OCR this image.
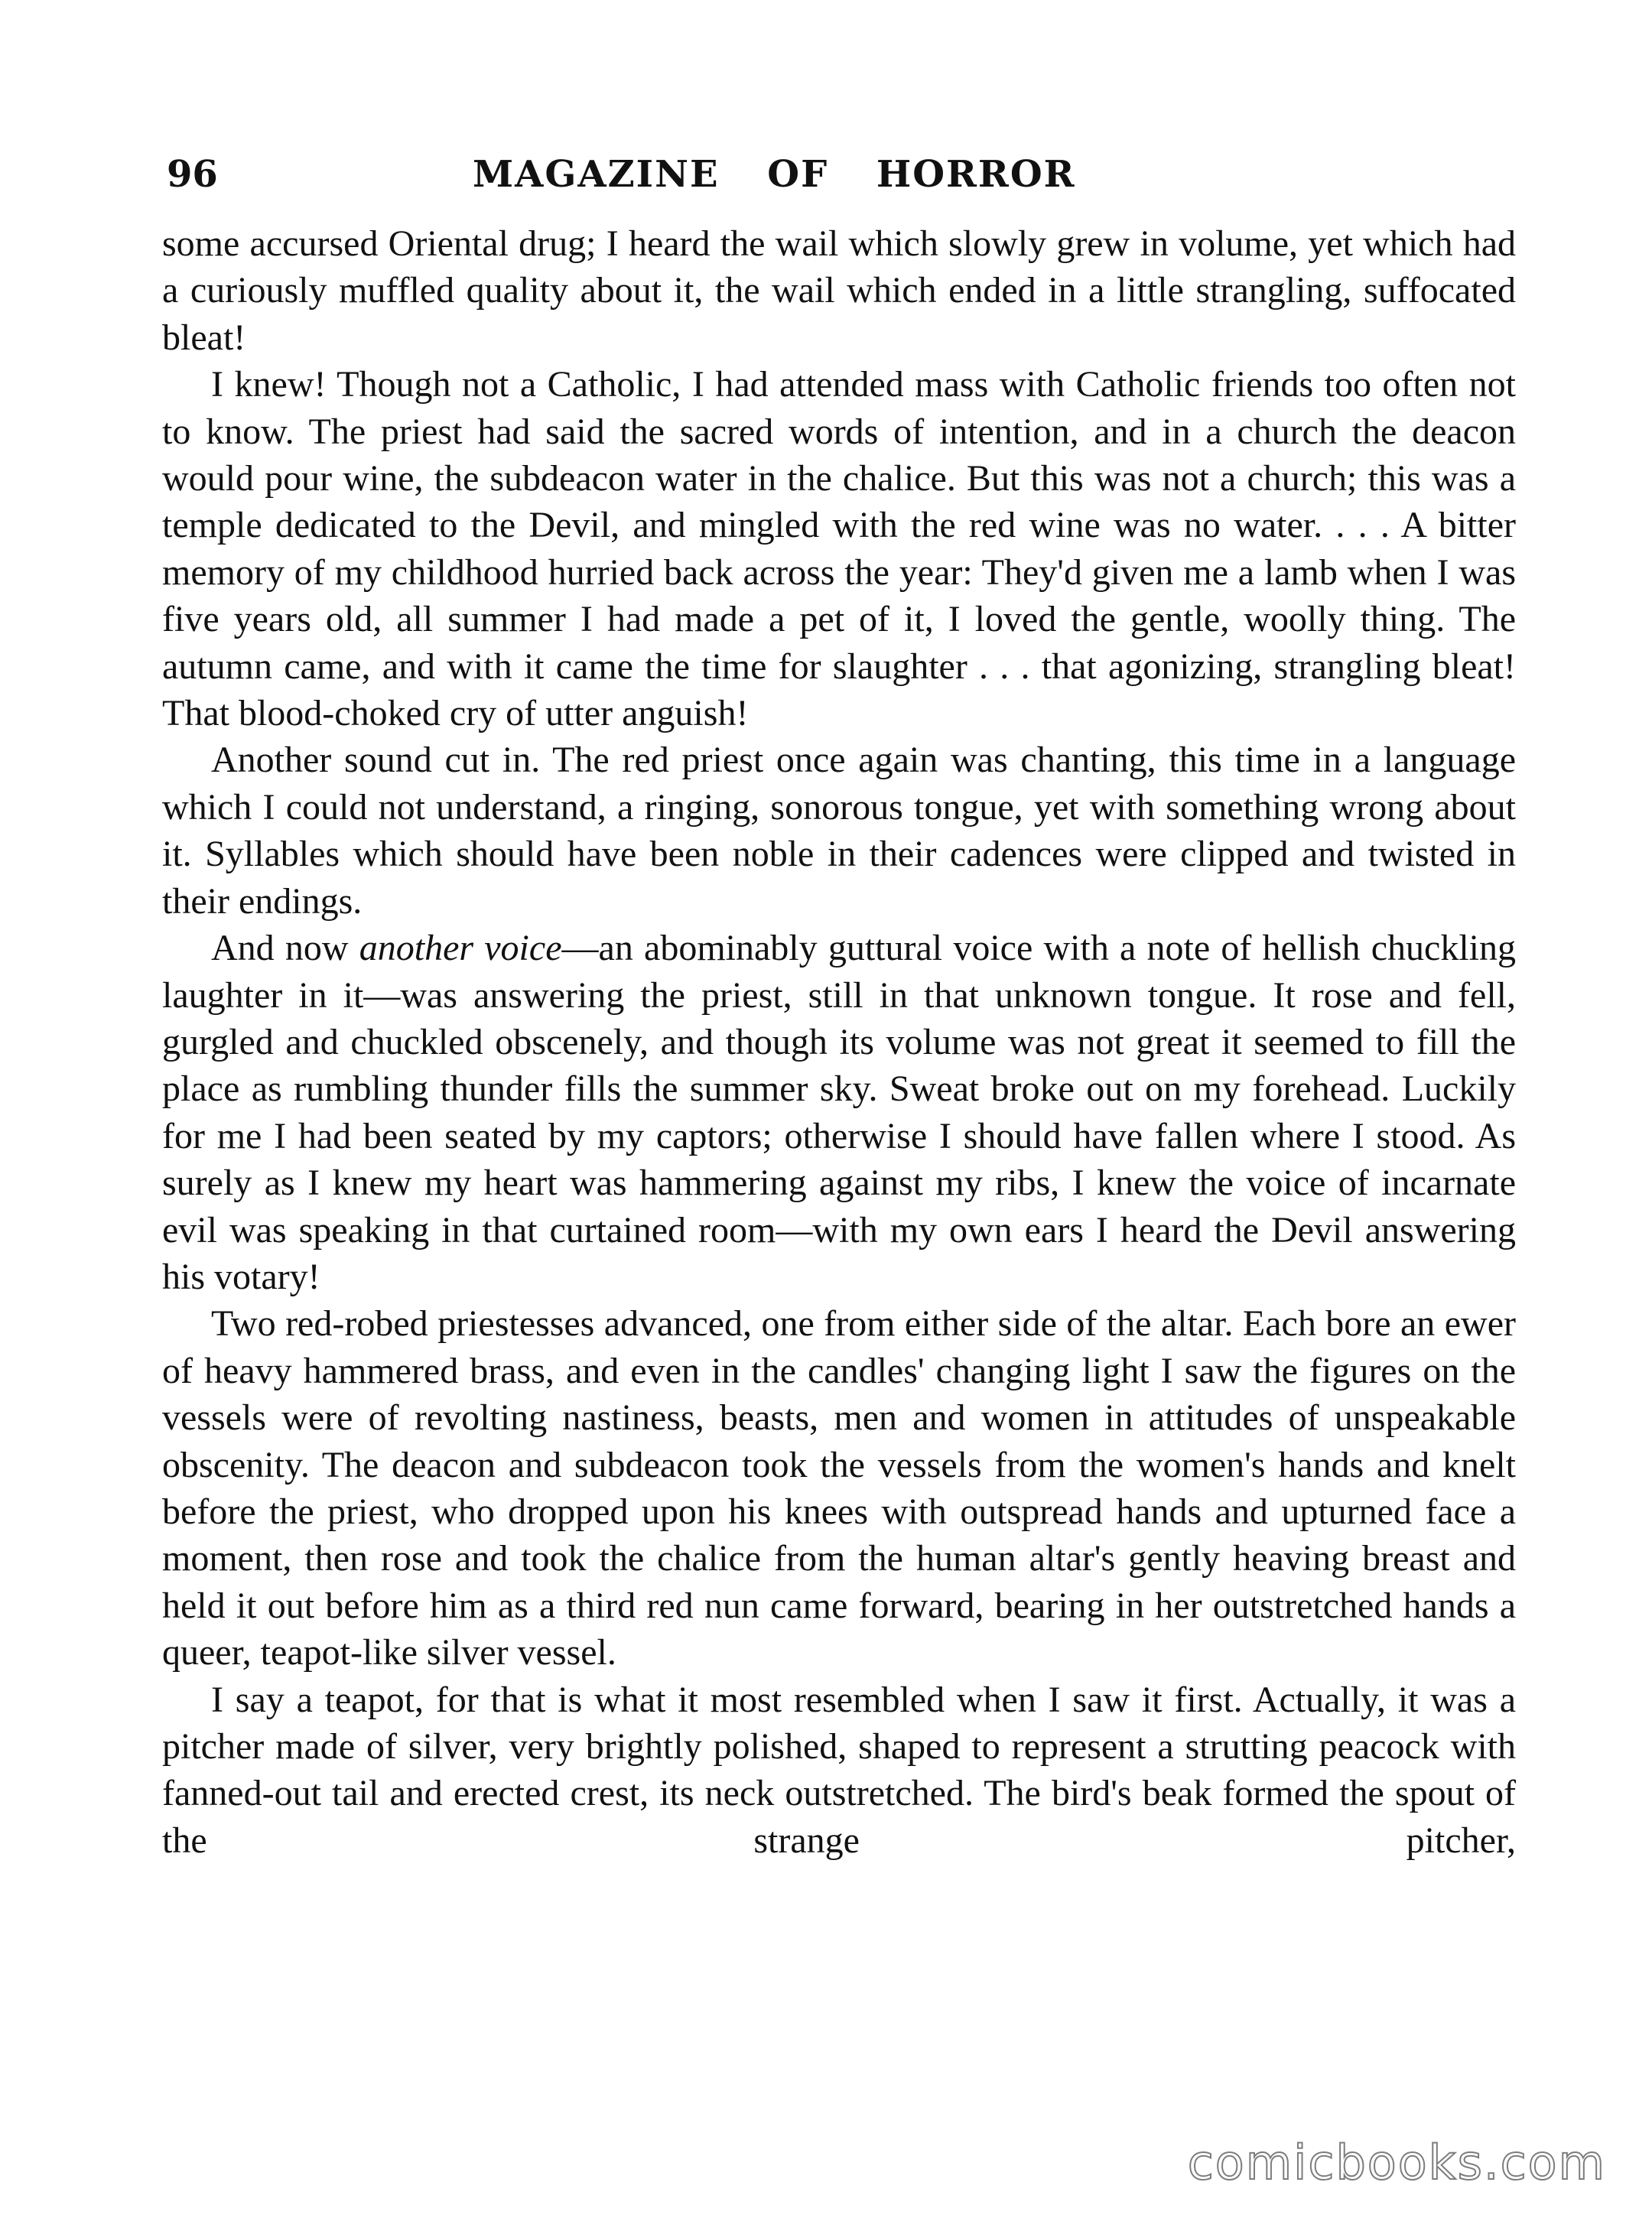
96	MAGAZINE OF HORROR

some accursed Oriental drug; I heard the wail which slowly grew in volume, yet which had a curiously muffled quality about it, the wail which ended in a little strangling, suffocated bleat!

I knew! Though not a Catholic, I had attended mass with Catholic friends too often not to know. The priest had said the sacred words of intention, and in a church the deacon would pour wine, the subdeacon water in the chalice. But this was not a church; this was a temple dedicated to the Devil, and mingled with the red wine was no water. . . . A bitter memory of my childhood hurried back across the year: They'd given me a lamb when I was five years old, all summer I had made a pet of it, I loved the gentle, woolly thing. The autumn came, and with it came the time for slaughter . . . that agonizing, strangling bleat! That blood-choked cry of utter anguish!

Another sound cut in. The red priest once again was chanting, this time in a language which I could not understand, a ringing, sonorous tongue, yet with something wrong about it. Syllables which should have been noble in their cadences were clipped and twisted in their endings.

And now another voice—an abominably guttural voice with a note of hellish chuckling laughter in it—was answering the priest, still in that unknown tongue. It rose and fell, gurgled and chuckled obscenely, and though its volume was not great it seemed to fill the place as rumbling thunder fills the summer sky. Sweat broke out on my forehead. Luckily for me I had been seated by my captors; otherwise I should have fallen where I stood. As surely as I knew my heart was hammering against my ribs, I knew the voice of incarnate evil was speaking in that curtained room—with my own ears I heard the Devil answering his votary!

Two red-robed priestesses advanced, one from either side of the altar. Each bore an ewer of heavy hammered brass, and even in the candles' changing light I saw the figures on the vessels were of revolting nastiness, beasts, men and women in attitudes of unspeakable obscenity. The deacon and subdeacon took the vessels from the women's hands and knelt before the priest, who dropped upon his knees with outspread hands and upturned face a moment, then rose and took the chalice from the human altar's gently heaving breast and held it out before him as a third red nun came forward, bearing in her outstretched hands a queer, teapot-like silver vessel.

I say a teapot, for that is what it most resembled when I saw it first. Actually, it was a pitcher made of silver, very brightly polished, shaped to represent a strutting peacock with fanned-out tail and erected crest, its neck outstretched. The bird's beak formed the spout of the strange pitcher,

comicbooks.com
